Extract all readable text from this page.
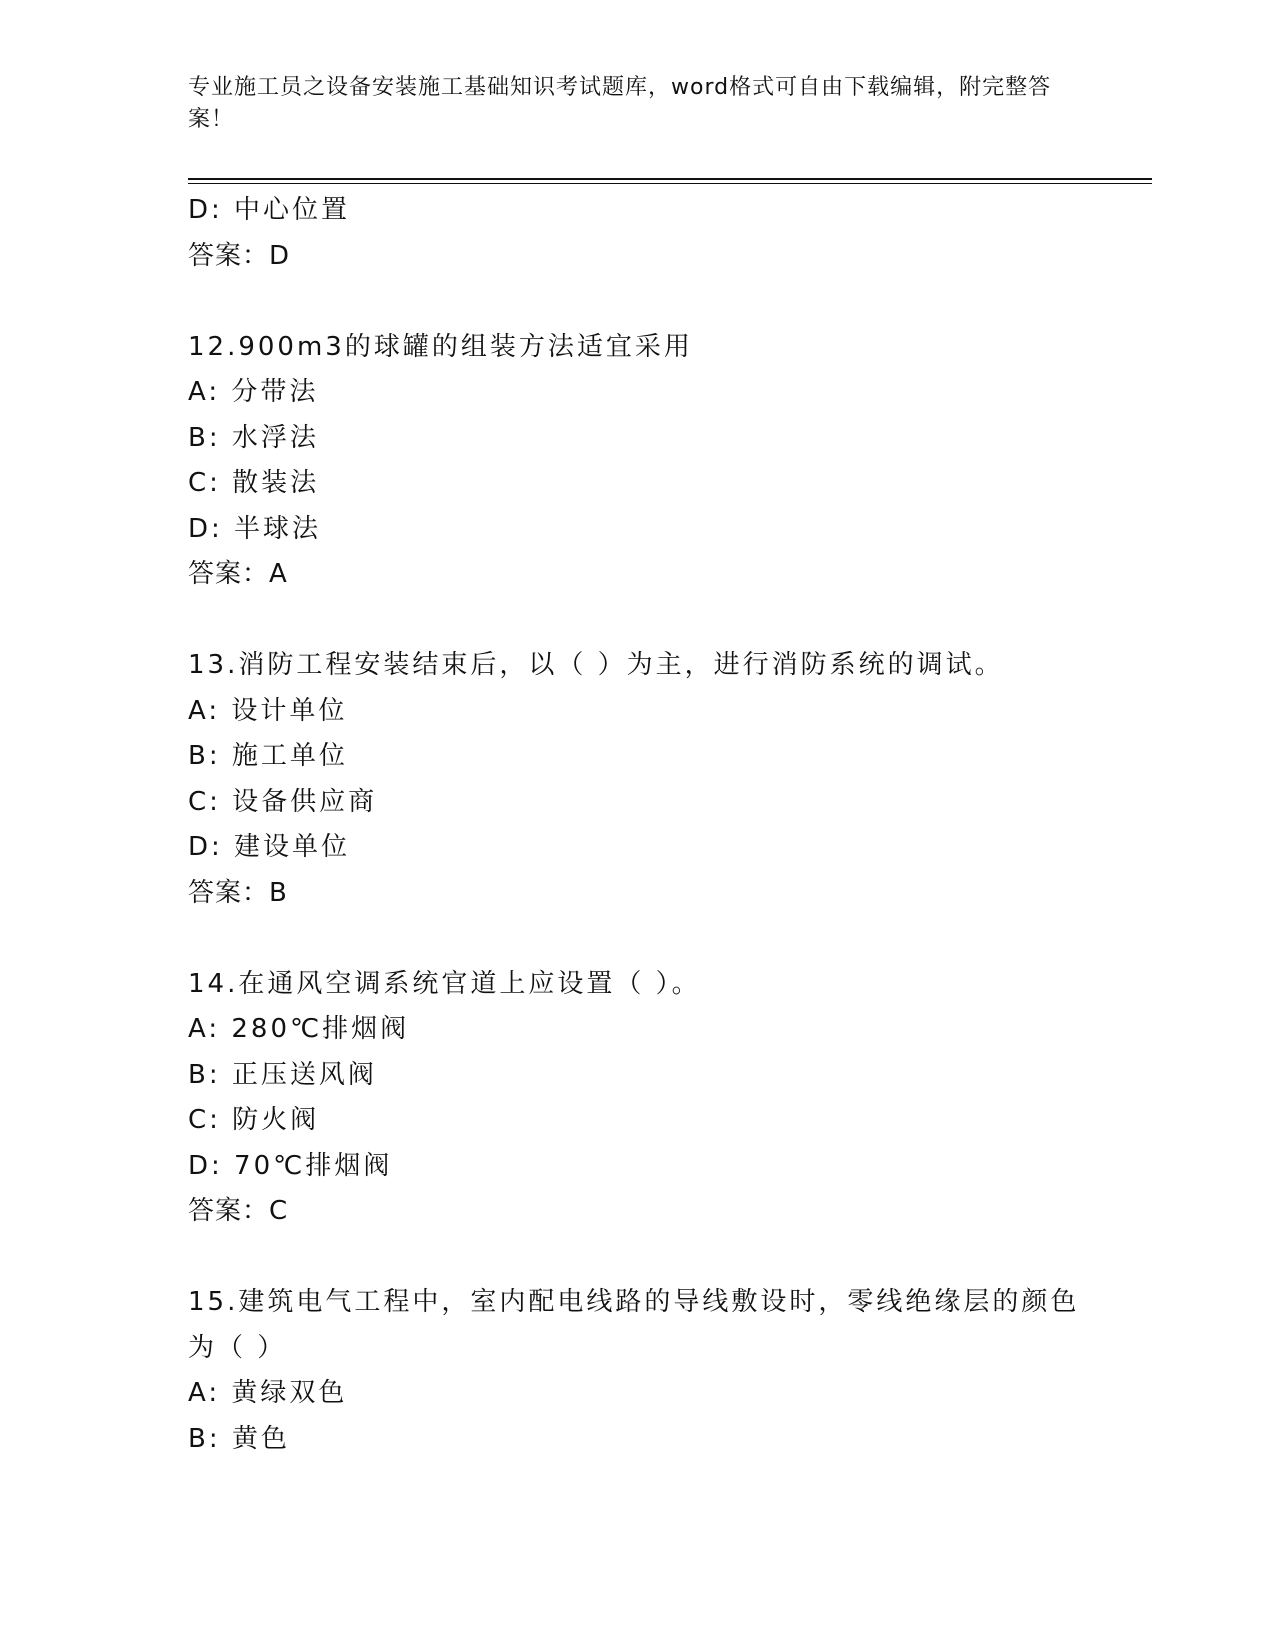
专业施工员之设备安装施工基础知识考试题库，word格式可自由下载编辑，附完整答案！
D: 中心位置
答案：D
12.900m3的球罐的组装方法适宜采用
A: 分带法
B: 水浮法
C: 散装法
D: 半球法
答案：A
13.消防工程安装结束后，以（ ）为主，进行消防系统的调试。
A: 设计单位
B: 施工单位
C: 设备供应商
D: 建设单位
答案：B
14.在通风空调系统官道上应设置（ ）。
A: 280℃排烟阀
B: 正压送风阀
C: 防火阀
D: 70℃排烟阀
答案：C
15.建筑电气工程中，室内配电线路的导线敷设时，零线绝缘层的颜色为（ ）
A: 黄绿双色
B: 黄色
